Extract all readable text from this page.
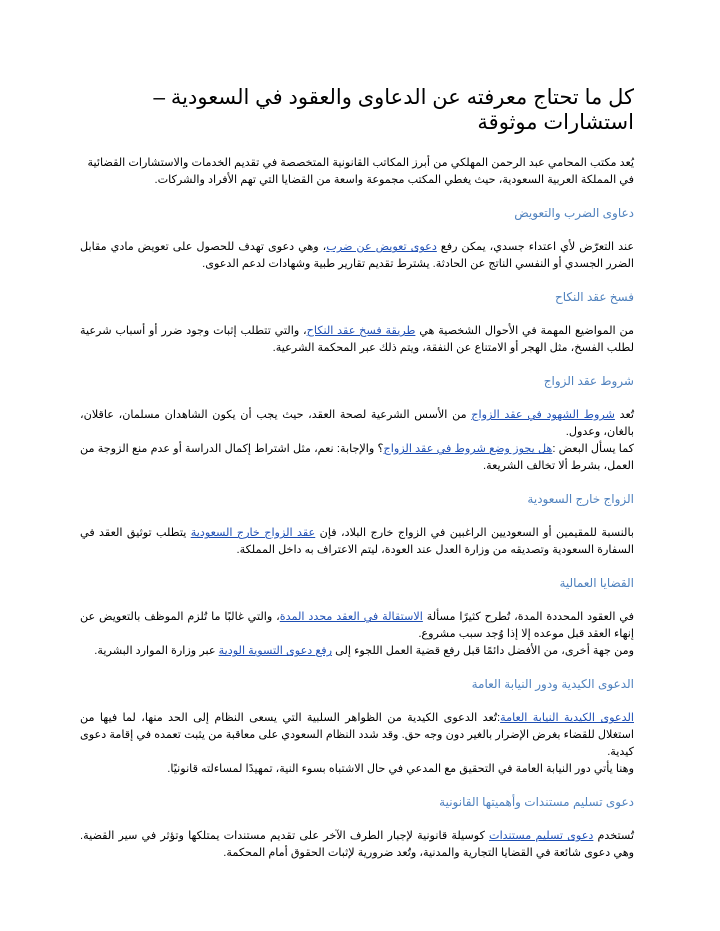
كل ما تحتاج معرفته عن الدعاوى والعقود في السعودية – استشارات موثوقة

يُعد مكتب المحامي عبد الرحمن المهلكي من أبرز المكاتب القانونية المتخصصة في تقديم الخدمات والاستشارات القضائية في المملكة العربية السعودية، حيث يغطي المكتب مجموعة واسعة من القضايا التي تهم الأفراد والشركات.

دعاوى الضرب والتعويض

عند التعرّض لأي اعتداء جسدي، يمكن رفع دعوى تعويض عن ضرب، وهي دعوى تهدف للحصول على تعويض مادي مقابل الضرر الجسدي أو النفسي الناتج عن الحادثة. يشترط تقديم تقارير طبية وشهادات لدعم الدعوى.

فسخ عقد النكاح

من المواضيع المهمة في الأحوال الشخصية هي طريقة فسخ عقد النكاح، والتي تتطلب إثبات وجود ضرر أو أسباب شرعية لطلب الفسخ، مثل الهجر أو الامتناع عن النفقة، ويتم ذلك عبر المحكمة الشرعية.

شروط عقد الزواج

تُعد شروط الشهود في عقد الزواج من الأسس الشرعية لصحة العقد، حيث يجب أن يكون الشاهدان مسلمان، عاقلان، بالغان، وعدول.

كما يسأل البعض :هل يجوز وضع شروط في عقد الزواج؟ والإجابة: نعم، مثل اشتراط إكمال الدراسة أو عدم منع الزوجة من العمل، بشرط ألا تخالف الشريعة.

الزواج خارج السعودية

بالنسبة للمقيمين أو السعوديين الراغبين في الزواج خارج البلاد، فإن عقد الزواج خارج السعودية يتطلب توثيق العقد في السفارة السعودية وتصديقه من وزارة العدل عند العودة، ليتم الاعتراف به داخل المملكة.

القضايا العمالية

في العقود المحددة المدة، تُطرح كثيرًا مسألة الاستقالة في العقد محدد المدة، والتي غالبًا ما تُلزم الموظف بالتعويض عن إنهاء العقد قبل موعده إلا إذا وُجد سبب مشروع.

ومن جهة أخرى، من الأفضل دائمًا قبل رفع قضية العمل اللجوء إلى رفع دعوى التسوية الودية عبر وزارة الموارد البشرية.

الدعوى الكيدية ودور النيابة العامة

الدعوى الكيدية النيابة العامة:تُعد الدعوى الكيدية من الظواهر السلبية التي يسعى النظام إلى الحد منها، لما فيها من استغلال للقضاء بغرض الإضرار بالغير دون وجه حق. وقد شدد النظام السعودي على معاقبة من يثبت تعمده في إقامة دعوى كيدية.

وهنا يأتي دور النيابة العامة في التحقيق مع المدعي في حال الاشتباه بسوء النية، تمهيدًا لمساءلته قانونيًا.

دعوى تسليم مستندات وأهميتها القانونية

تُستخدم دعوى تسليم مستندات كوسيلة قانونية لإجبار الطرف الآخر على تقديم مستندات يمتلكها وتؤثر في سير القضية. وهي دعوى شائعة في القضايا التجارية والمدنية، وتُعد ضرورية لإثبات الحقوق أمام المحكمة.
